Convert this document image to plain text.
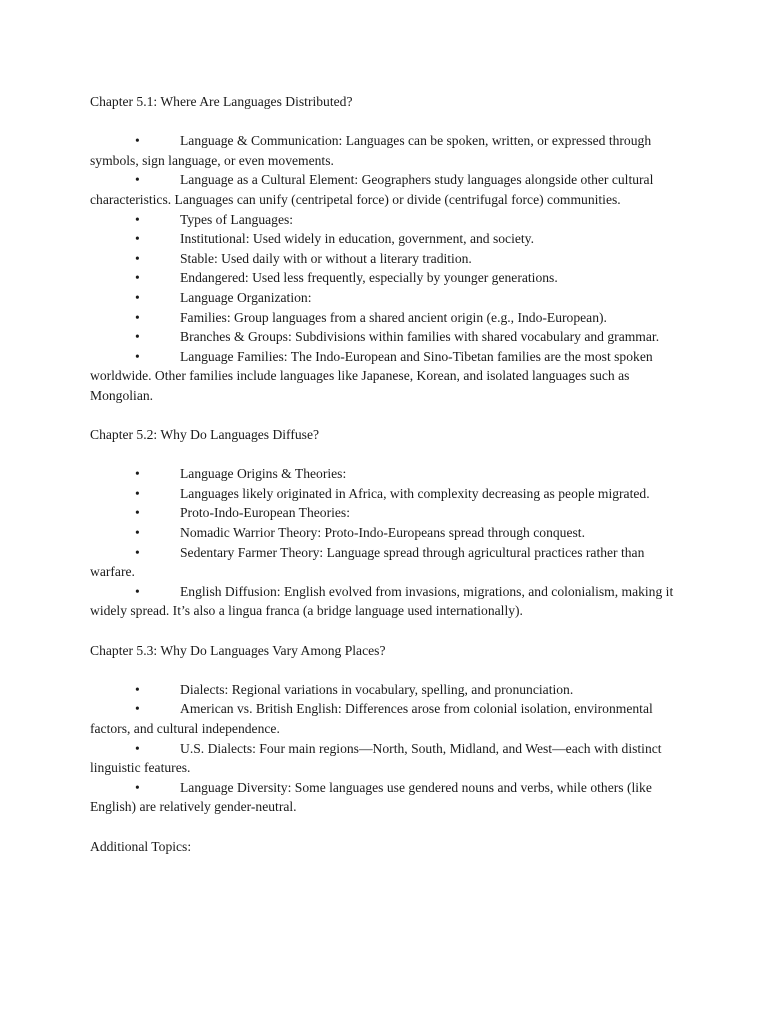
Chapter 5.1: Where Are Languages Distributed?

•	Language & Communication: Languages can be spoken, written, or expressed through symbols, sign language, or even movements.

•	Language as a Cultural Element: Geographers study languages alongside other cultural characteristics. Languages can unify (centripetal force) or divide (centrifugal force) communities.

•	Types of Languages:

•	Institutional: Used widely in education, government, and society.

•	Stable: Used daily with or without a literary tradition.

•	Endangered: Used less frequently, especially by younger generations.

•	Language Organization:

•	Families: Group languages from a shared ancient origin (e.g., Indo-European).

•	Branches & Groups: Subdivisions within families with shared vocabulary and grammar.

•	Language Families: The Indo-European and Sino-Tibetan families are the most spoken worldwide. Other families include languages like Japanese, Korean, and isolated languages such as Mongolian.

Chapter 5.2: Why Do Languages Diffuse?

•	Language Origins & Theories:

•	Languages likely originated in Africa, with complexity decreasing as people migrated.

•	Proto-Indo-European Theories:

•	Nomadic Warrior Theory: Proto-Indo-Europeans spread through conquest.

•	Sedentary Farmer Theory: Language spread through agricultural practices rather than warfare.

•	English Diffusion: English evolved from invasions, migrations, and colonialism, making it widely spread. It’s also a lingua franca (a bridge language used internationally).

Chapter 5.3: Why Do Languages Vary Among Places?

•	Dialects: Regional variations in vocabulary, spelling, and pronunciation.

•	American vs. British English: Differences arose from colonial isolation, environmental factors, and cultural independence.

•	U.S. Dialects: Four main regions—North, South, Midland, and West—each with distinct linguistic features.

•	Language Diversity: Some languages use gendered nouns and verbs, while others (like English) are relatively gender-neutral.

Additional Topics:
